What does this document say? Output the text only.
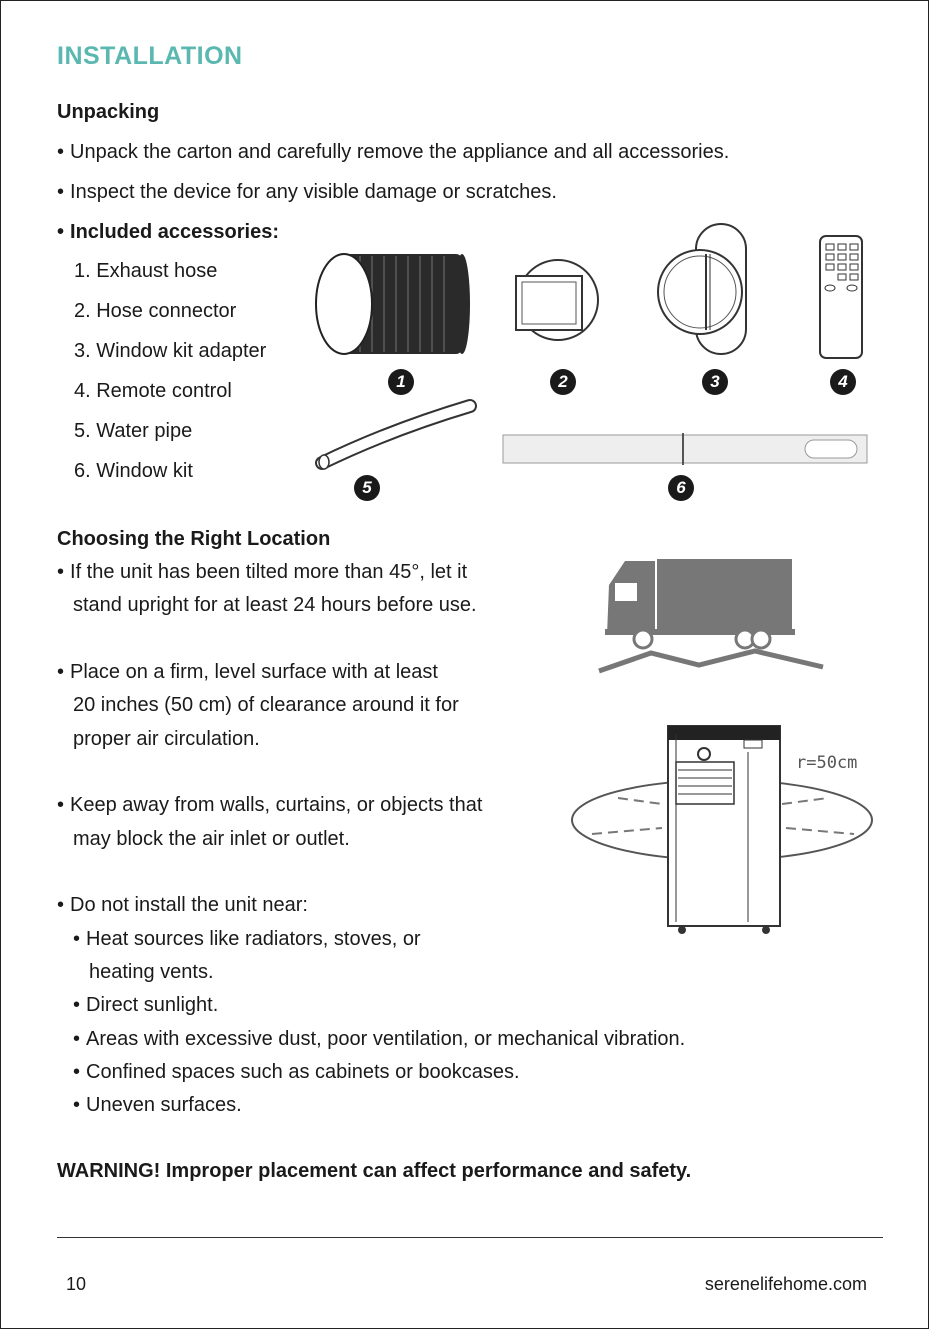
INSTALLATION
Unpacking
• Unpack the carton and carefully remove the appliance and all accessories.
• Inspect the device for any visible damage or scratches.
• Included accessories:
1. Exhaust hose
2. Hose connector
3. Window kit adapter
4. Remote control
5. Water pipe
6. Window kit
1	2	3	4
5	6
Choosing the Right Location
• If the unit has been tilted more than 45°, let it
stand upright for at least 24 hours before use.
• Place on a firm, level surface with at least
20 inches (50 cm) of clearance around it for
proper air circulation.
• Keep away from walls, curtains, or objects that
may block the air inlet or outlet.
• Do not install the unit near:
• Heat sources like radiators, stoves, or
heating vents.
• Direct sunlight.
• Areas with excessive dust, poor ventilation, or mechanical vibration.
• Confined spaces such as cabinets or bookcases.
• Uneven surfaces.
r=50cm
WARNING! Improper placement can affect performance and safety.
10	serenelifehome.com
